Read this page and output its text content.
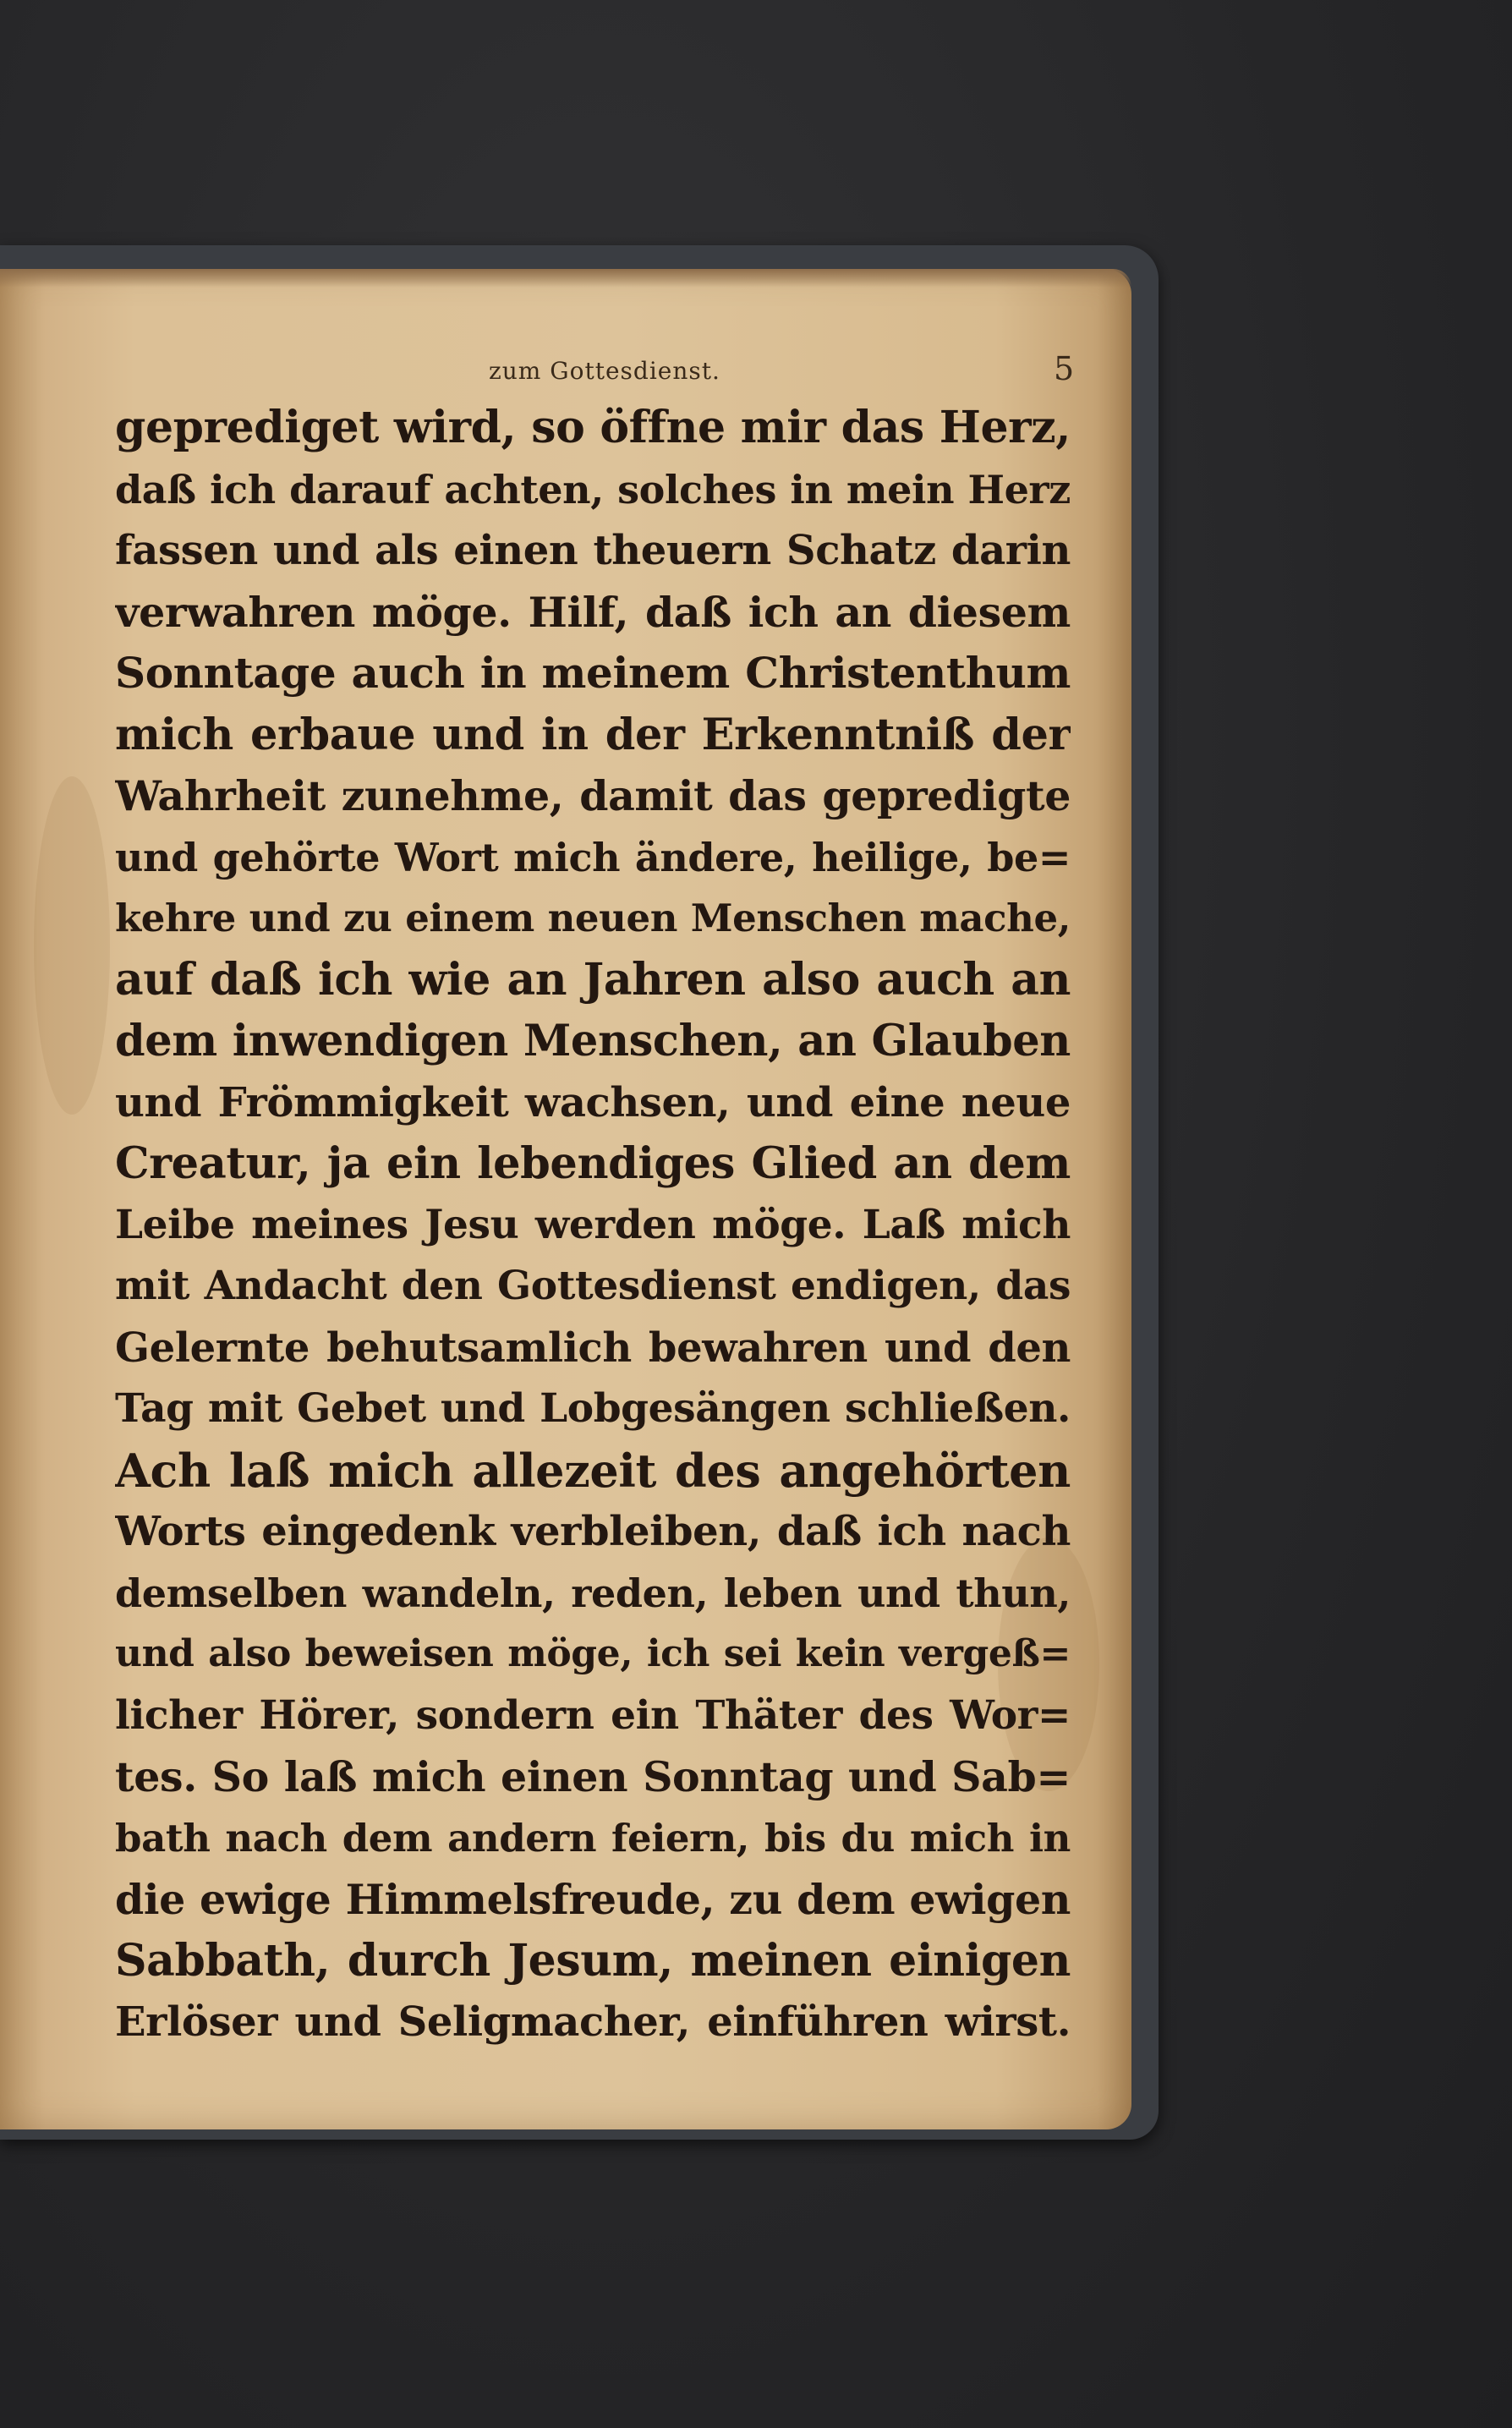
zum Gottesdienst.	5
geprediget wird, so öffne mir das Herz,
daß ich darauf achten, solches in mein Herz
fassen und als einen theuern Schatz darin
verwahren möge. Hilf, daß ich an diesem
Sonntage auch in meinem Christenthum
mich erbaue und in der Erkenntniß der
Wahrheit zunehme, damit das gepredigte
und gehörte Wort mich ändere, heilige, be=
kehre und zu einem neuen Menschen mache,
auf daß ich wie an Jahren also auch an
dem inwendigen Menschen, an Glauben
und Frömmigkeit wachsen, und eine neue
Creatur, ja ein lebendiges Glied an dem
Leibe meines Jesu werden möge. Laß mich
mit Andacht den Gottesdienst endigen, das
Gelernte behutsamlich bewahren und den
Tag mit Gebet und Lobgesängen schließen.
Ach laß mich allezeit des angehörten
Worts eingedenk verbleiben, daß ich nach
demselben wandeln, reden, leben und thun,
und also beweisen möge, ich sei kein vergeß=
licher Hörer, sondern ein Thäter des Wor=
tes. So laß mich einen Sonntag und Sab=
bath nach dem andern feiern, bis du mich in
die ewige Himmelsfreude, zu dem ewigen
Sabbath, durch Jesum, meinen einigen
Erlöser und Seligmacher, einführen wirst.
